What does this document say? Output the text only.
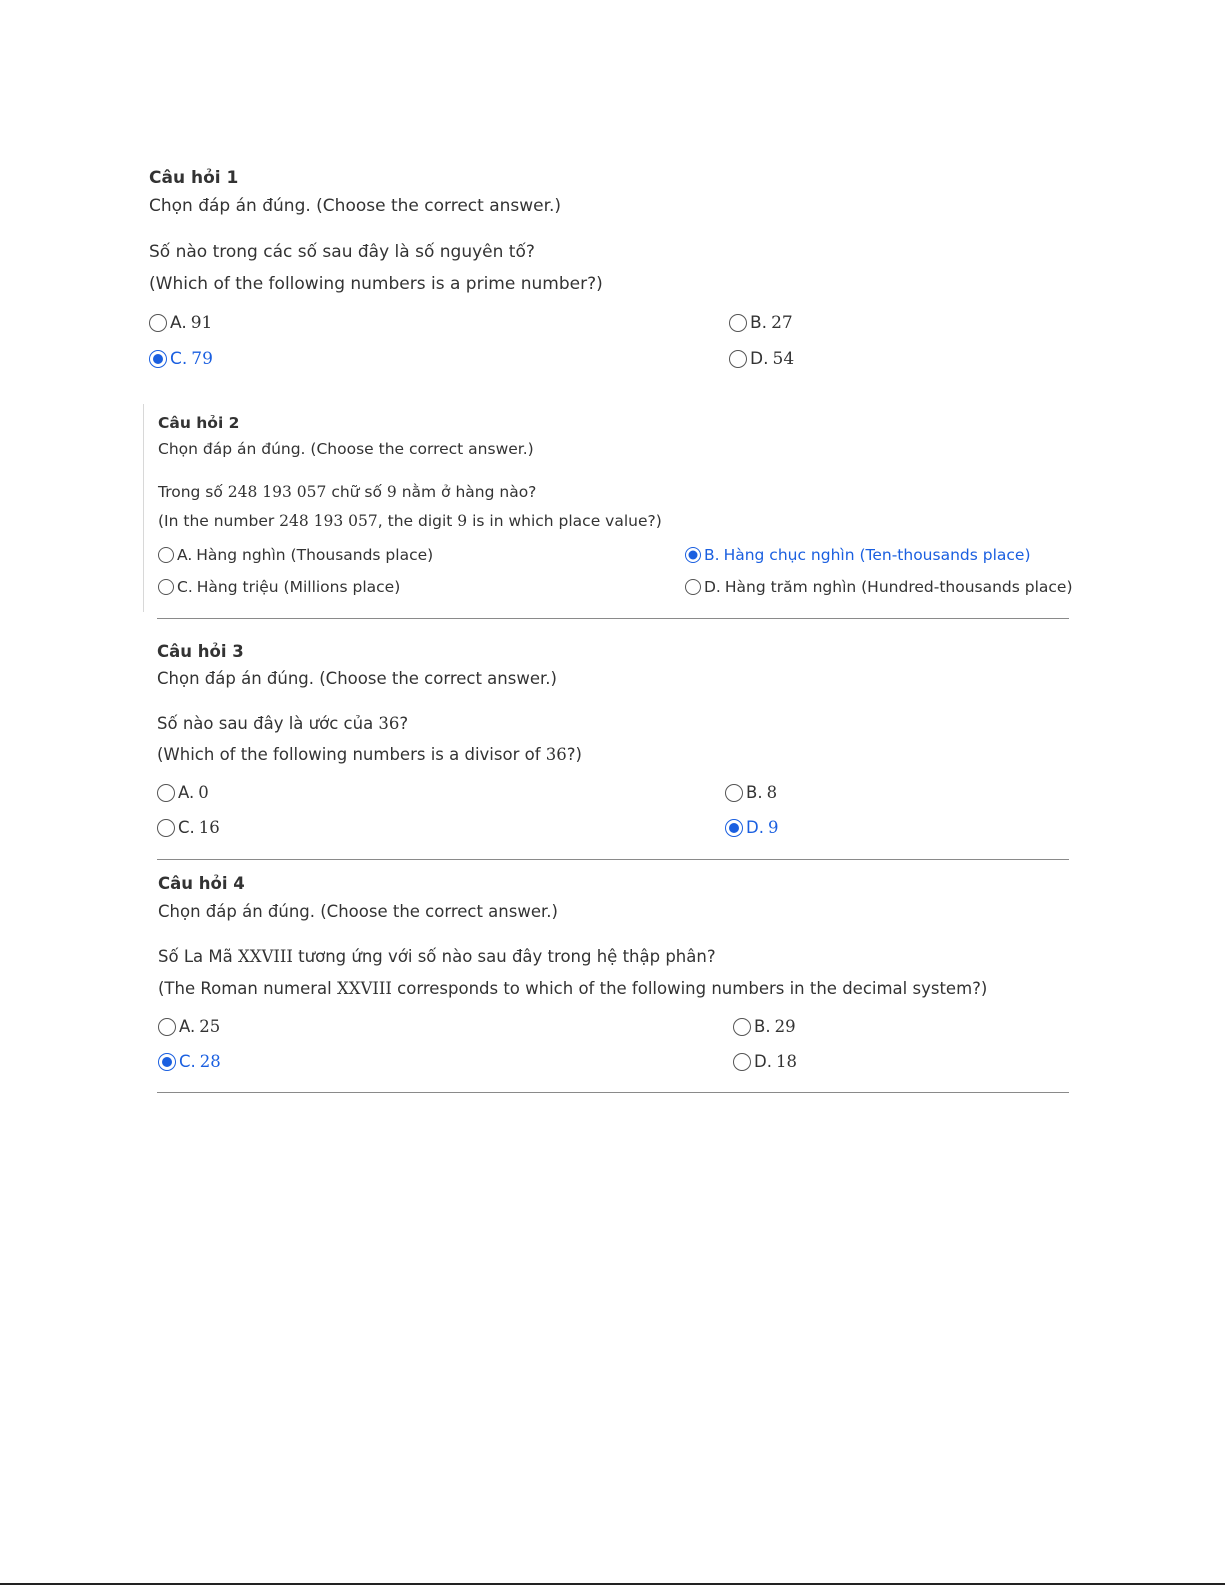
Câu hỏi 1
Chọn đáp án đúng. (Choose the correct answer.)
Số nào trong các số sau đây là số nguyên tố?
(Which of the following numbers is a prime number?)
A. 91	B. 27
C. 79	D. 54
Câu hỏi 2
Chọn đáp án đúng. (Choose the correct answer.)
Trong số 248 193 057 chữ số 9 nằm ở hàng nào?
(In the number 248 193 057, the digit 9 is in which place value?)
A. Hàng nghìn (Thousands place)	B. Hàng chục nghìn (Ten-thousands place)
C. Hàng triệu (Millions place)	D. Hàng trăm nghìn (Hundred-thousands place)
Câu hỏi 3
Chọn đáp án đúng. (Choose the correct answer.)
Số nào sau đây là ước của 36?
(Which of the following numbers is a divisor of 36?)
A. 0	B. 8
C. 16	D. 9
Câu hỏi 4
Chọn đáp án đúng. (Choose the correct answer.)
Số La Mã XXVIII tương ứng với số nào sau đây trong hệ thập phân?
(The Roman numeral XXVIII corresponds to which of the following numbers in the decimal system?)
A. 25	B. 29
C. 28	D. 18
